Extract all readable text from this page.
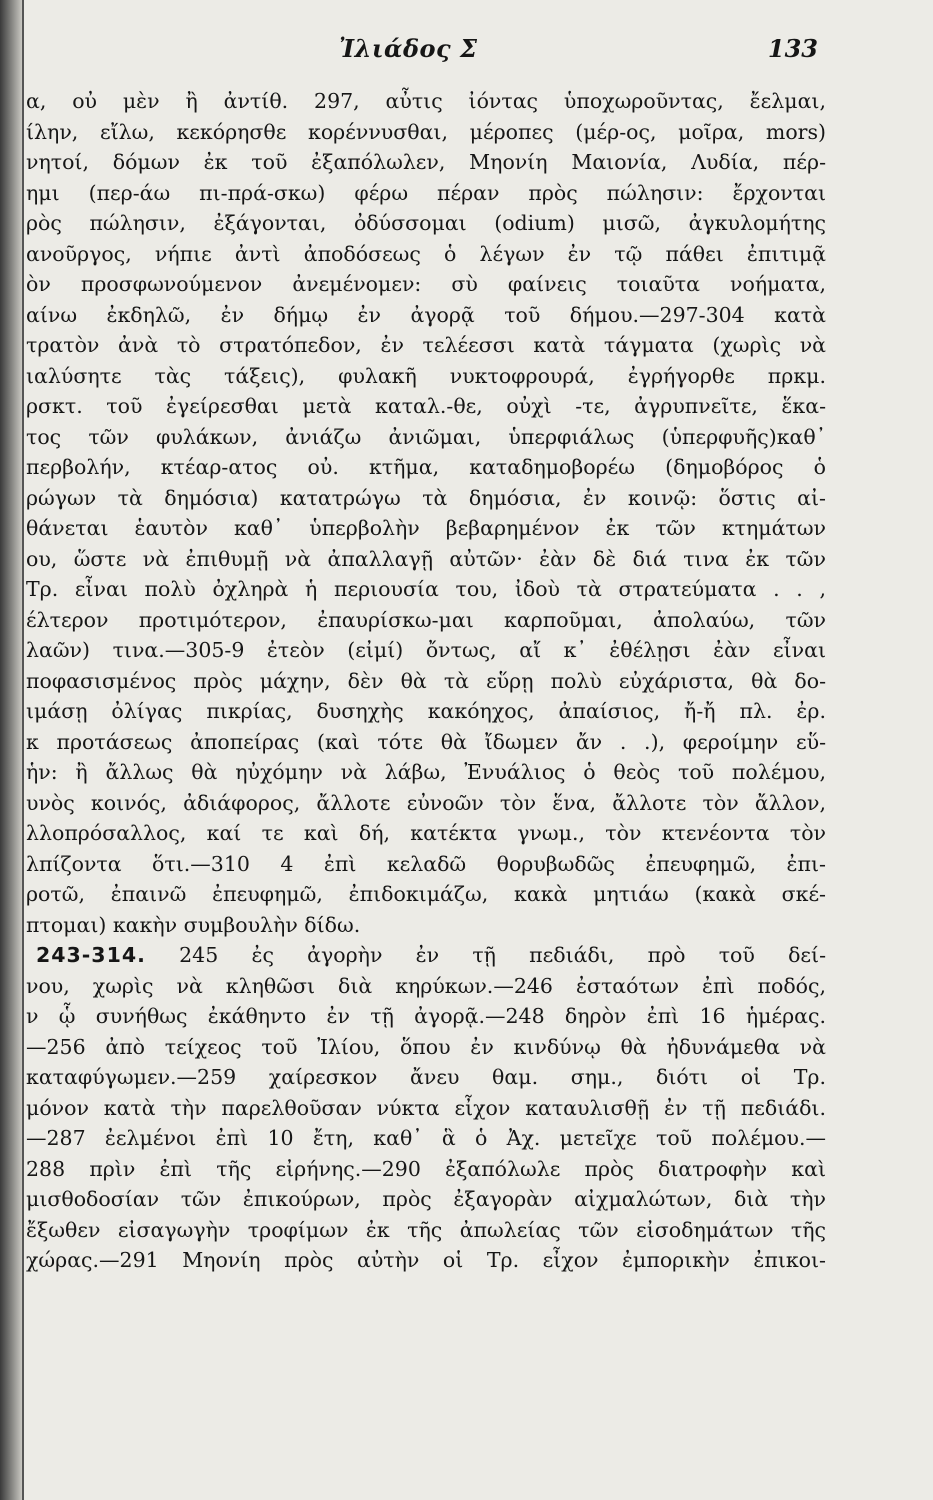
Ἰλιάδος Σ	133
α, οὐ μὲν ἢ ἀντίθ. 297, αὖτις ἰόντας ὑποχωροῦντας, ἔελμαι,
ίλην, εἴλω, κεκόρησθε κορέννυσθαι, μέροπες (μέρ-ος, μοῖρα, mors)
νητοί, δόμων ἐκ τοῦ ἐξαπόλωλεν, Μηονίη Μαιονία, Λυδία, πέρ-
ημι (περ-άω πι-πρά-σκω) φέρω πέραν πρὸς πώλησιν: ἔρχονται
ρὸς πώλησιν, ἐξάγονται, ὀδύσσομαι (odium) μισῶ, ἀγκυλομήτης
ανοῦργος, νήπιε ἀντὶ ἀποδόσεως ὁ λέγων ἐν τῷ πάθει ἐπιτιμᾷ
ὸν προσφωνούμενον ἀνεμένομεν: σὺ φαίνεις τοιαῦτα νοήματα,
αίνω ἐκδηλῶ, ἐν δήμῳ ἐν ἀγορᾷ τοῦ δήμου.—297-304 κατὰ
τρατὸν ἀνὰ τὸ στρατόπεδον, ἐν τελέεσσι κατὰ τάγματα (χωρὶς νὰ
ιαλύσητε τὰς τάξεις), φυλακῆ νυκτοφρουρά, ἐγρήγορθε πρκμ.
ρσκτ. τοῦ ἐγείρεσθαι μετὰ καταλ.-θε, οὐχὶ -τε, ἀγρυπνεῖτε, ἕκα-
τος τῶν φυλάκων, ἀνιάζω ἀνιῶμαι, ὑπερφιάλως (ὑπερφυῆς)καθ᾽
περβολήν, κτέαρ-ατος οὐ. κτῆμα, καταδημοβορέω (δημοβόρος ὁ
ρώγων τὰ δημόσια) κατατρώγω τὰ δημόσια, ἐν κοινῷ: ὅστις αἰ-
θάνεται ἑαυτὸν καθ᾽ ὑπερβολὴν βεβαρημένον ἐκ τῶν κτημάτων
ου, ὥστε νὰ ἐπιθυμῇ νὰ ἀπαλλαγῇ αὐτῶν· ἐὰν δὲ διά τινα ἐκ τῶν
Τρ. εἶναι πολὺ ὀχληρὰ ἡ περιουσία του, ἰδοὺ τὰ στρατεύματα . . ,
έλτερον προτιμότερον, ἐπαυρίσκω-μαι καρποῦμαι, ἀπολαύω, τῶν
λαῶν) τινα.—305-9 ἐτεὸν (εἰμί) ὄντως, αἴ κ᾽ ἐθέλῃσι ἐὰν εἶναι
ποφασισμένος πρὸς μάχην, δὲν θὰ τὰ εὕρῃ πολὺ εὐχάριστα, θὰ δο-
ιμάσῃ ὀλίγας πικρίας, δυσηχὴς κακόηχος, ἀπαίσιος, ἤ-ἤ πλ. ἐρ.
κ προτάσεως ἀποπείρας (καὶ τότε θὰ ἴδωμεν ἄν . .), φεροίμην εὕ-
ἡν: ἢ ἄλλως θὰ ηὐχόμην νὰ λάβω, Ἐνυάλιος ὁ θεὸς τοῦ πολέμου,
υνὸς κοινός, ἀδιάφορος, ἄλλοτε εὐνοῶν τὸν ἕνα, ἄλλοτε τὸν ἄλλον,
λλοπρόσαλλος, καί τε καὶ δή, κατέκτα γνωμ., τὸν κτενέοντα τὸν
λπίζοντα ὅτι.—310 4 ἐπὶ κελαδῶ θορυβωδῶς ἐπευφημῶ, ἐπι-
ροτῶ, ἐπαινῶ ἐπευφημῶ, ἐπιδοκιμάζω, κακὰ μητιάω (κακὰ σκέ-
πτομαι) κακὴν συμβουλὴν δίδω.
243-314. 245 ἐς ἀγορὴν ἐν τῇ πεδιάδι, πρὸ τοῦ δεί-
νου, χωρὶς νὰ κληθῶσι διὰ κηρύκων.—246 ἐσταότων ἐπὶ ποδός,
ν ᾧ συνήθως ἐκάθηντο ἐν τῇ ἀγορᾷ.—248 δηρὸν ἐπὶ 16 ἡμέρας.
—256 ἀπὸ τείχεος τοῦ Ἰλίου, ὅπου ἐν κινδύνῳ θὰ ἠδυνάμεθα νὰ
καταφύγωμεν.—259 χαίρεσκον ἄνευ θαμ. σημ., διότι οἱ Τρ.
μόνον κατὰ τὴν παρελθοῦσαν νύκτα εἶχον καταυλισθῇ ἐν τῇ πεδιάδι.
—287 ἐελμένοι ἐπὶ 10 ἔτη, καθ᾽ ἃ ὁ Ἀχ. μετεῖχε τοῦ πολέμου.—
288 πρὶν ἐπὶ τῆς εἰρήνης.—290 ἐξαπόλωλε πρὸς διατροφὴν καὶ
μισθοδοσίαν τῶν ἐπικούρων, πρὸς ἐξαγορὰν αἰχμαλώτων, διὰ τὴν
ἔξωθεν εἰσαγωγὴν τροφίμων ἐκ τῆς ἀπωλείας τῶν εἰσοδημάτων τῆς
χώρας.—291 Μηονίη πρὸς αὐτὴν οἱ Τρ. εἶχον ἐμπορικὴν ἐπικοι-
